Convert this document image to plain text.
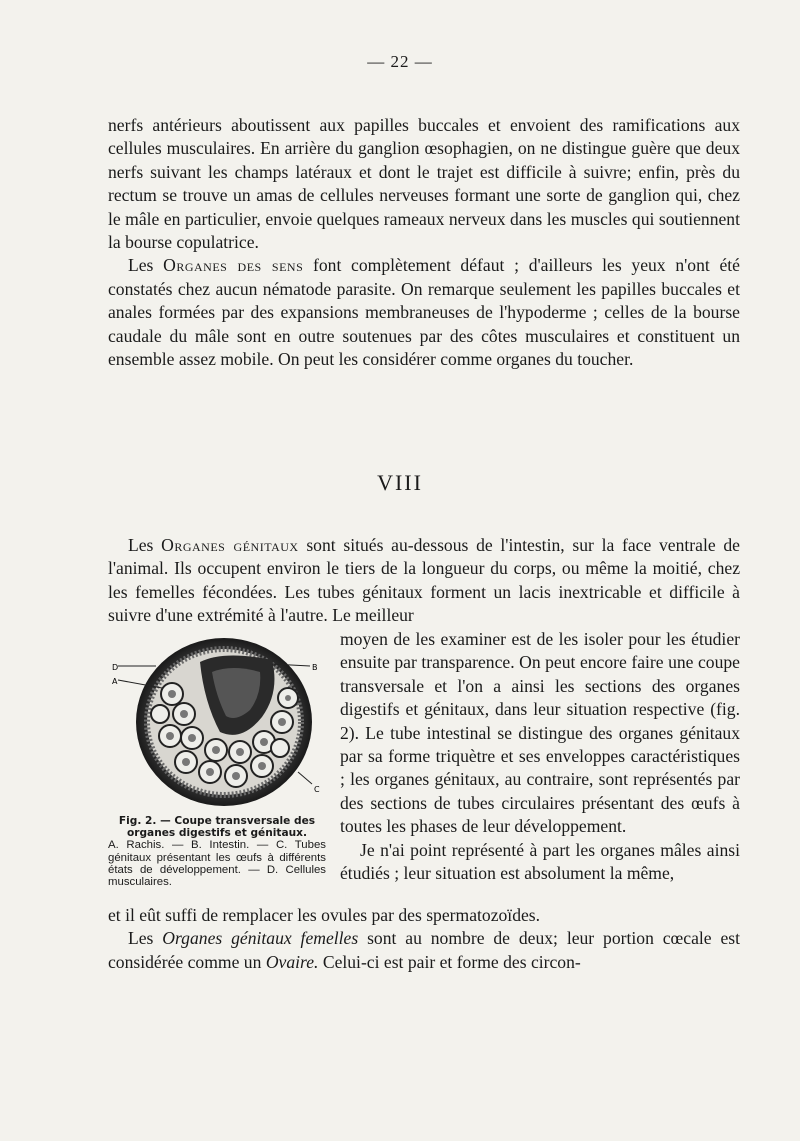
— 22 —

nerfs antérieurs aboutissent aux papilles buccales et envoient des ramifications aux cellules musculaires. En arrière du ganglion œsophagien, on ne distingue guère que deux nerfs suivant les champs latéraux et dont le trajet est difficile à suivre; enfin, près du rectum se trouve un amas de cellules nerveuses formant une sorte de ganglion qui, chez le mâle en particulier, envoie quelques rameaux nerveux dans les muscles qui soutiennent la bourse copulatrice.

Les Organes des sens font complètement défaut ; d'ailleurs les yeux n'ont été constatés chez aucun nématode parasite. On remarque seulement les papilles buccales et anales formées par des expansions membraneuses de l'hypoderme ; celles de la bourse caudale du mâle sont en outre soutenues par des côtes musculaires et constituent un ensemble assez mobile. On peut les considérer comme organes du toucher.

VIII

Les Organes génitaux sont situés au-dessous de l'intestin, sur la face ventrale de l'animal. Ils occupent environ le tiers de la longueur du corps, ou même la moitié, chez les femelles fécondées. Les tubes génitaux forment un lacis inextricable et difficile à suivre d'une extrémité à l'autre. Le meilleur

D
A
B
C
Fig. 2. — Coupe transversale des organes digestifs et génitaux.
A. Rachis. — B. Intestin. — C. Tubes génitaux présentant les œufs à différents états de développement. — D. Cellules musculaires.

moyen de les examiner est de les isoler pour les étudier ensuite par transparence. On peut encore faire une coupe transversale et l'on a ainsi les sections des organes digestifs et génitaux, dans leur situation respective (fig. 2). Le tube intestinal se distingue des organes génitaux par sa forme triquètre et ses enveloppes caractéristiques ; les organes génitaux, au contraire, sont représentés par des sections de tubes circulaires présentant des œufs à toutes les phases de leur développement.

Je n'ai point représenté à part les organes mâles ainsi étudiés ; leur situation est absolument la même,

et il eût suffi de remplacer les ovules par des spermatozoïdes.

Les Organes génitaux femelles sont au nombre de deux; leur portion cœcale est considérée comme un Ovaire. Celui-ci est pair et forme des circon-
